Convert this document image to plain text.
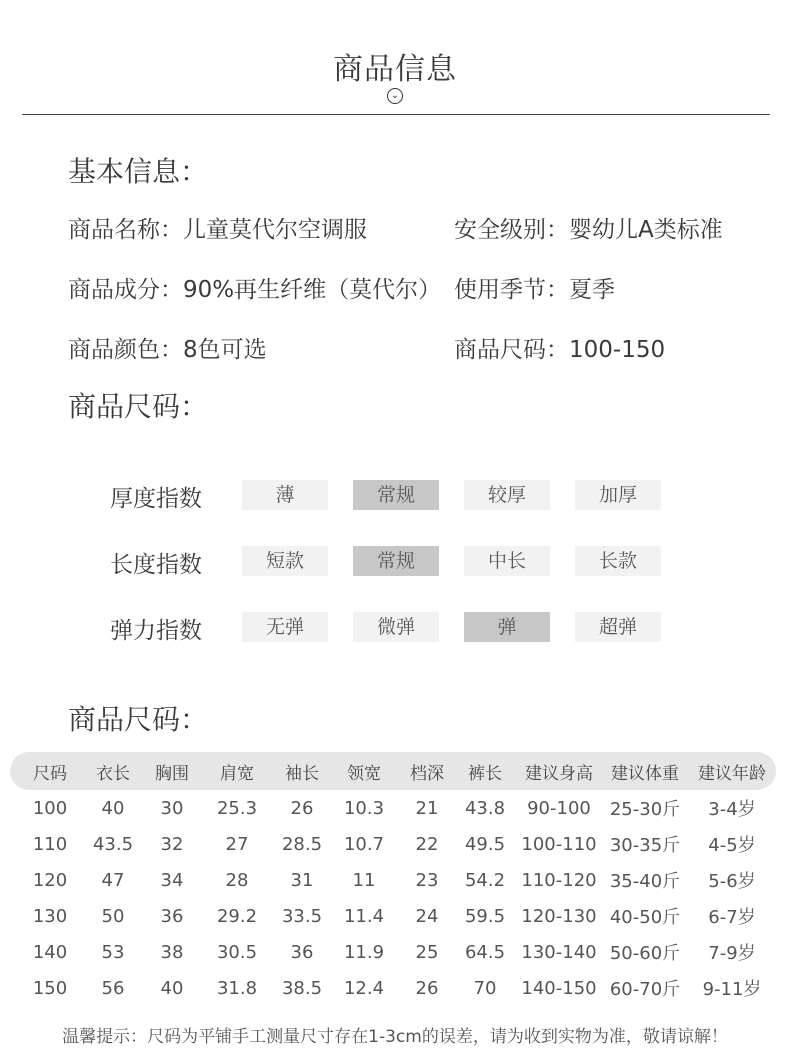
商品信息
⌄
基本信息：
商品名称：儿童莫代尔空调服	安全级别：婴幼儿A类标准
商品成分：90%再生纤维（莫代尔） 使用季节：夏季
商品颜色：8色可选	商品尺码：100-150
商品尺码：
厚度指数	薄	常规	较厚	加厚
长度指数	短款	常规	中长	长款
弹力指数	无弹	微弹	弹	超弹
商品尺码：
尺码	衣长	胸围	肩宽	袖长	领宽	档深	裤长	建议身高	建议体重	建议年龄
100	40	30	25.3	26	10.3	21	43.8	90-100	25-30斤	3-4岁
110	43.5	32	27	28.5	10.7	22	49.5	100-110	30-35斤	4-5岁
120	47	34	28	31	11	23	54.2	110-120	35-40斤	5-6岁
130	50	36	29.2	33.5	11.4	24	59.5	120-130	40-50斤	6-7岁
140	53	38	30.5	36	11.9	25	64.5	130-140	50-60斤	7-9岁
150	56	40	31.8	38.5	12.4	26	70	140-150	60-70斤	9-11岁
温馨提示：尺码为平铺手工测量尺寸存在1-3cm的误差，请为收到实物为准，敬请谅解！
